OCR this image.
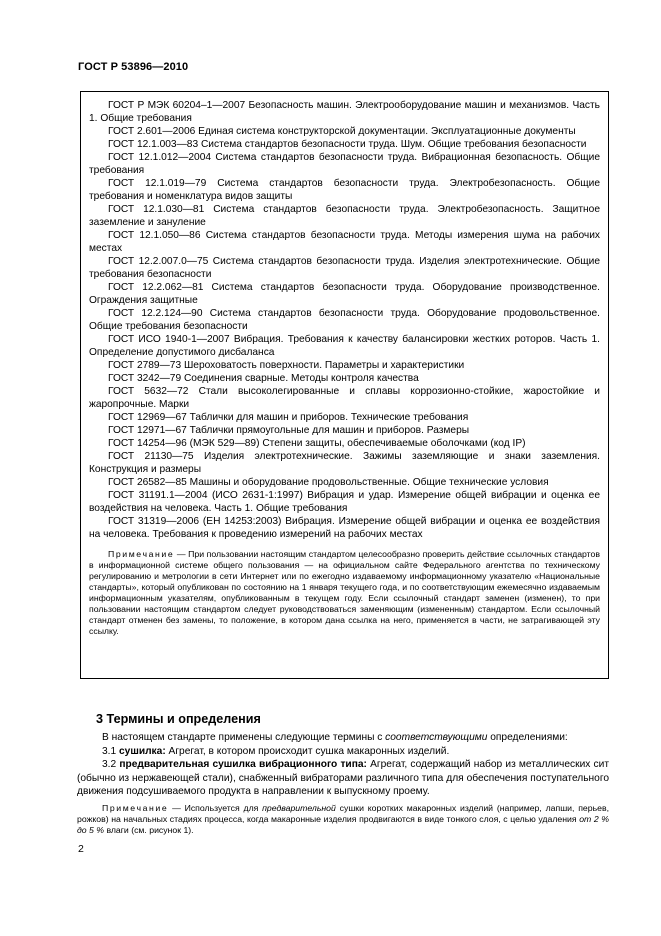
ГОСТ Р 53896—2010

ГОСТ Р МЭК 60204–1—2007 Безопасность машин. Электрооборудование машин и механизмов. Часть 1. Общие требования

ГОСТ 2.601—2006 Единая система конструкторской документации. Эксплуатационные документы

ГОСТ 12.1.003—83 Система стандартов безопасности труда. Шум. Общие требования безопасности

ГОСТ 12.1.012—2004 Система стандартов безопасности труда. Вибрационная безопасность. Общие требования

ГОСТ 12.1.019—79 Система стандартов безопасности труда. Электробезопасность. Общие требования и номенклатура видов защиты

ГОСТ 12.1.030—81 Система стандартов безопасности труда. Электробезопасность. Защитное заземление и зануление

ГОСТ 12.1.050—86 Система стандартов безопасности труда. Методы измерения шума на рабочих местах

ГОСТ 12.2.007.0—75 Система стандартов безопасности труда. Изделия электротехнические. Общие требования безопасности

ГОСТ 12.2.062—81 Система стандартов безопасности труда. Оборудование производственное. Ограждения защитные

ГОСТ 12.2.124—90 Система стандартов безопасности труда. Оборудование продовольственное. Общие требования безопасности

ГОСТ ИСО 1940-1—2007 Вибрация. Требования к качеству балансировки жестких роторов. Часть 1. Определение допустимого дисбаланса

ГОСТ 2789—73 Шероховатость поверхности. Параметры и характеристики

ГОСТ 3242—79 Соединения сварные. Методы контроля качества

ГОСТ 5632—72 Стали высоколегированные и сплавы коррозионно-стойкие, жаростойкие и жаропрочные. Марки

ГОСТ 12969—67 Таблички для машин и приборов. Технические требования

ГОСТ 12971—67 Таблички прямоугольные для машин и приборов. Размеры

ГОСТ 14254—96 (МЭК 529—89) Степени защиты, обеспечиваемые оболочками (код IP)

ГОСТ 21130—75 Изделия электротехнические. Зажимы заземляющие и знаки заземления. Конструкция и размеры

ГОСТ 26582—85 Машины и оборудование продовольственные. Общие технические условия

ГОСТ 31191.1—2004 (ИСО 2631-1:1997) Вибрация и удар. Измерение общей вибрации и оценка ее воздействия на человека. Часть 1. Общие требования

ГОСТ 31319—2006 (ЕН 14253:2003) Вибрация. Измерение общей вибрации и оценка ее воздействия на человека. Требования к проведению измерений на рабочих местах

Примечание — При пользовании настоящим стандартом целесообразно проверить действие ссылочных стандартов в информационной системе общего пользования — на официальном сайте Федерального агентства по техническому регулированию и метрологии в сети Интернет или по ежегодно издаваемому информационному указателю «Национальные стандарты», который опубликован по состоянию на 1 января текущего года, и по соответствующим ежемесячно издаваемым информационным указателям, опубликованным в текущем году. Если ссылочный стандарт заменен (изменен), то при пользовании настоящим стандартом следует руководствоваться заменяющим (измененным) стандартом. Если ссылочный стандарт отменен без замены, то положение, в котором дана ссылка на него, применяется в части, не затрагивающей эту ссылку.

3 Термины и определения

В настоящем стандарте применены следующие термины с соответствующими определениями:

3.1 сушилка: Агрегат, в котором происходит сушка макаронных изделий.

3.2 предварительная сушилка вибрационного типа: Агрегат, содержащий набор из металлических сит (обычно из нержавеющей стали), снабженный вибраторами различного типа для обеспечения поступательного движения подсушиваемого продукта в направлении к выпускному проему.

Примечание — Используется для предварительной сушки коротких макаронных изделий (например, лапши, перьев, рожков) на начальных стадиях процесса, когда макаронные изделия продвигаются в виде тонкого слоя, с целью удаления от 2 % до 5 % влаги (см. рисунок 1).

2
